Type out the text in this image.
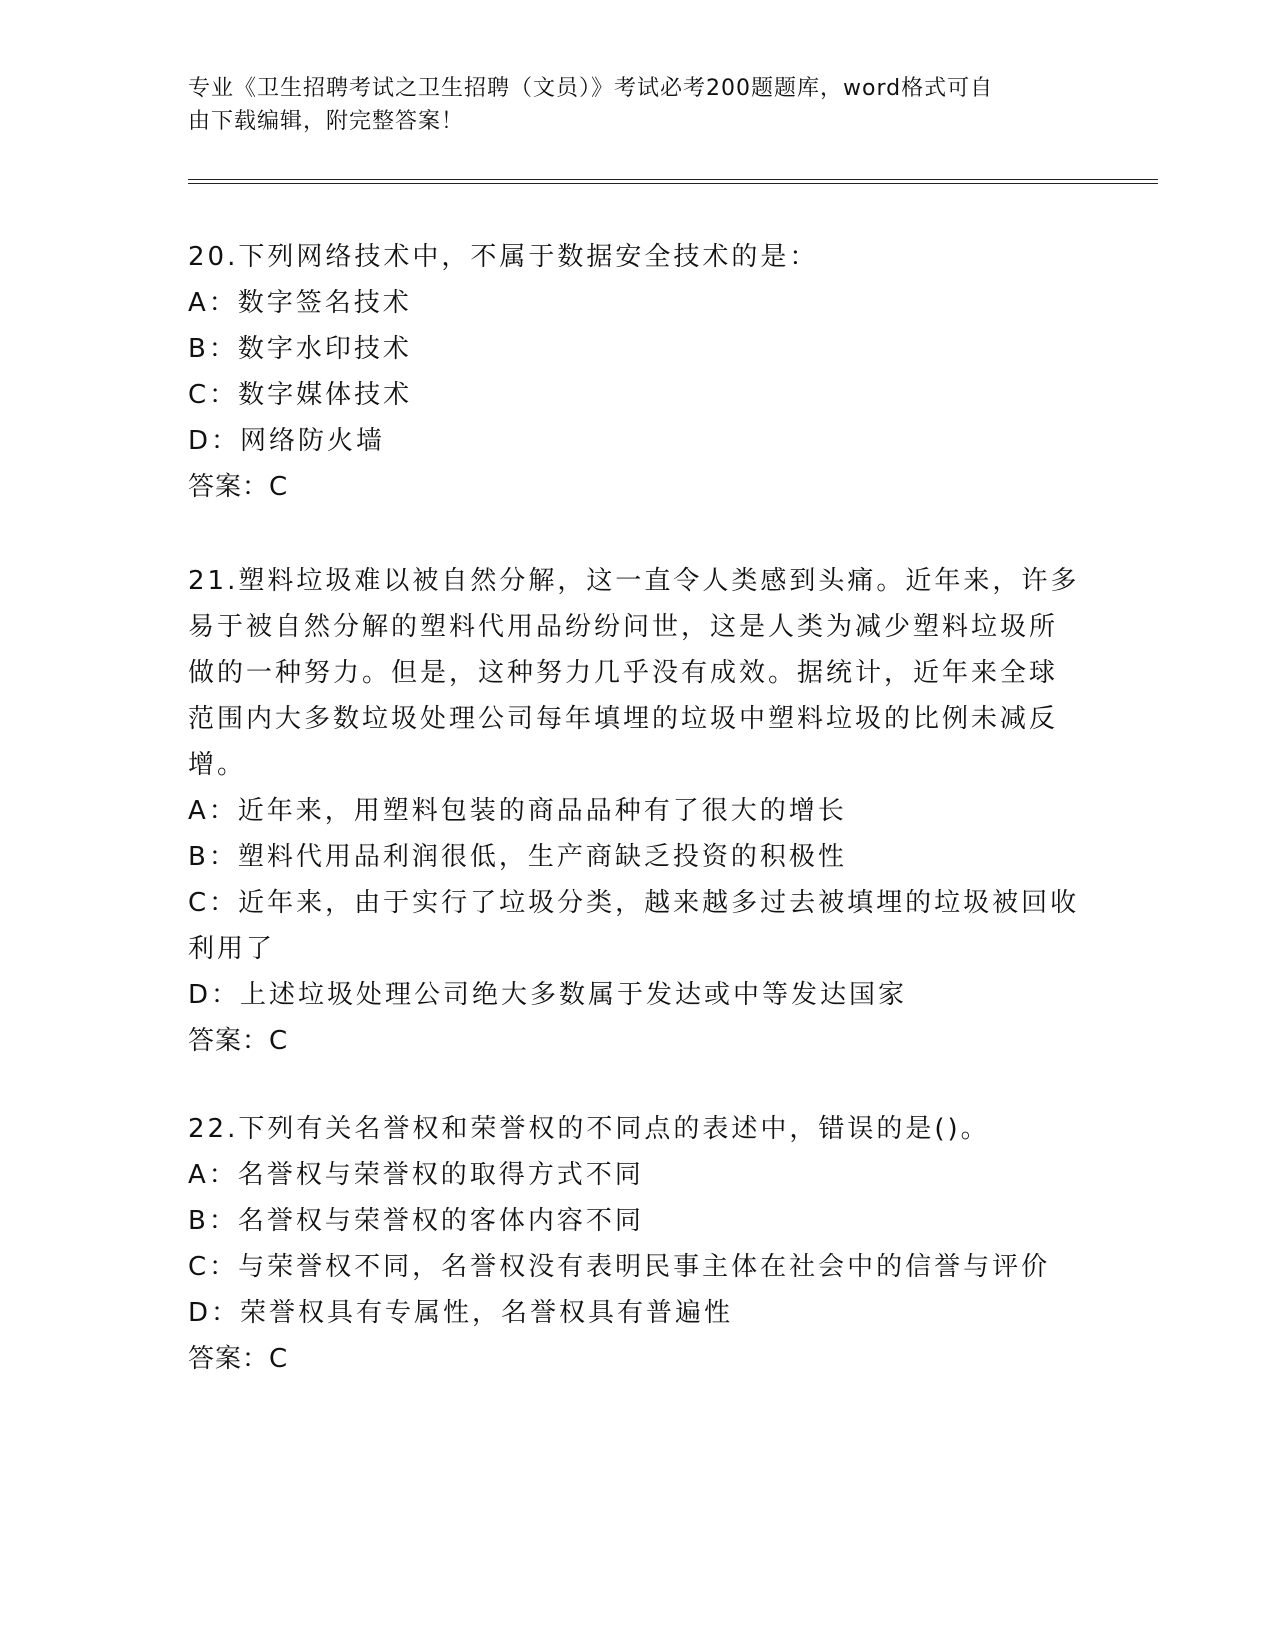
专业《卫生招聘考试之卫生招聘（文员）》考试必考200题题库，word格式可自
由下载编辑，附完整答案！
20.下列网络技术中，不属于数据安全技术的是：
A：数字签名技术
B：数字水印技术
C：数字媒体技术
D：网络防火墙
答案：C
21.塑料垃圾难以被自然分解，这一直令人类感到头痛。近年来，许多
易于被自然分解的塑料代用品纷纷问世，这是人类为减少塑料垃圾所
做的一种努力。但是，这种努力几乎没有成效。据统计，近年来全球
范围内大多数垃圾处理公司每年填埋的垃圾中塑料垃圾的比例未减反
增。
A：近年来，用塑料包装的商品品种有了很大的增长
B：塑料代用品利润很低，生产商缺乏投资的积极性
C：近年来，由于实行了垃圾分类，越来越多过去被填埋的垃圾被回收
利用了
D：上述垃圾处理公司绝大多数属于发达或中等发达国家
答案：C
22.下列有关名誉权和荣誉权的不同点的表述中，错误的是()。
A：名誉权与荣誉权的取得方式不同
B：名誉权与荣誉权的客体内容不同
C：与荣誉权不同，名誉权没有表明民事主体在社会中的信誉与评价
D：荣誉权具有专属性，名誉权具有普遍性
答案：C
